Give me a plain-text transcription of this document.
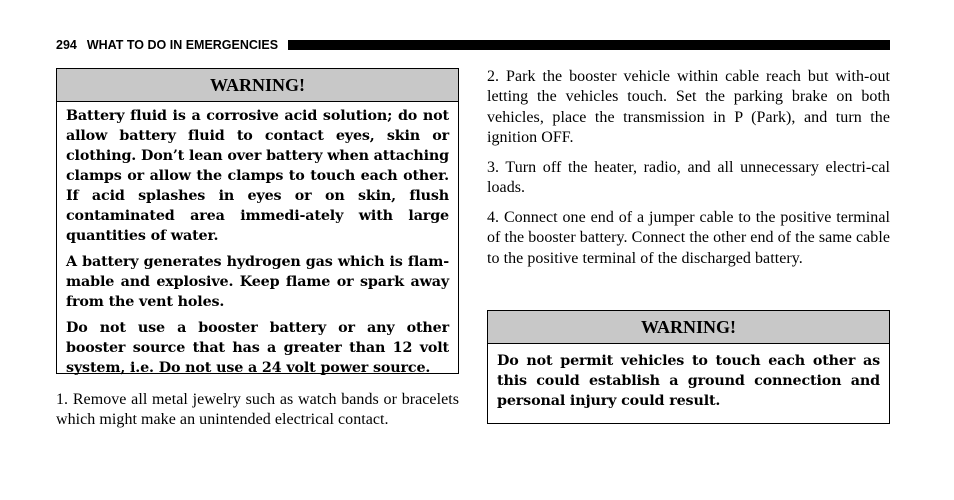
294 WHAT TO DO IN EMERGENCIES
WARNING!

Battery fluid is a corrosive acid solution; do not allow battery fluid to contact eyes, skin or clothing. Don’t lean over battery when attaching clamps or allow the clamps to touch each other. If acid splashes in eyes or on skin, flush contaminated area immedi-ately with large quantities of water.

A battery generates hydrogen gas which is flam-mable and explosive. Keep flame or spark away from the vent holes.

Do not use a booster battery or any other booster source that has a greater than 12 volt system, i.e. Do not use a 24 volt power source.

1. Remove all metal jewelry such as watch bands or bracelets which might make an unintended electrical contact.

2. Park the booster vehicle within cable reach but with-out letting the vehicles touch. Set the parking brake on both vehicles, place the transmission in P (Park), and turn the ignition OFF.

3. Turn off the heater, radio, and all unnecessary electri-cal loads.

4. Connect one end of a jumper cable to the positive terminal of the booster battery. Connect the other end of the same cable to the positive terminal of the discharged battery.

WARNING!

Do not permit vehicles to touch each other as this could establish a ground connection and personal injury could result.
